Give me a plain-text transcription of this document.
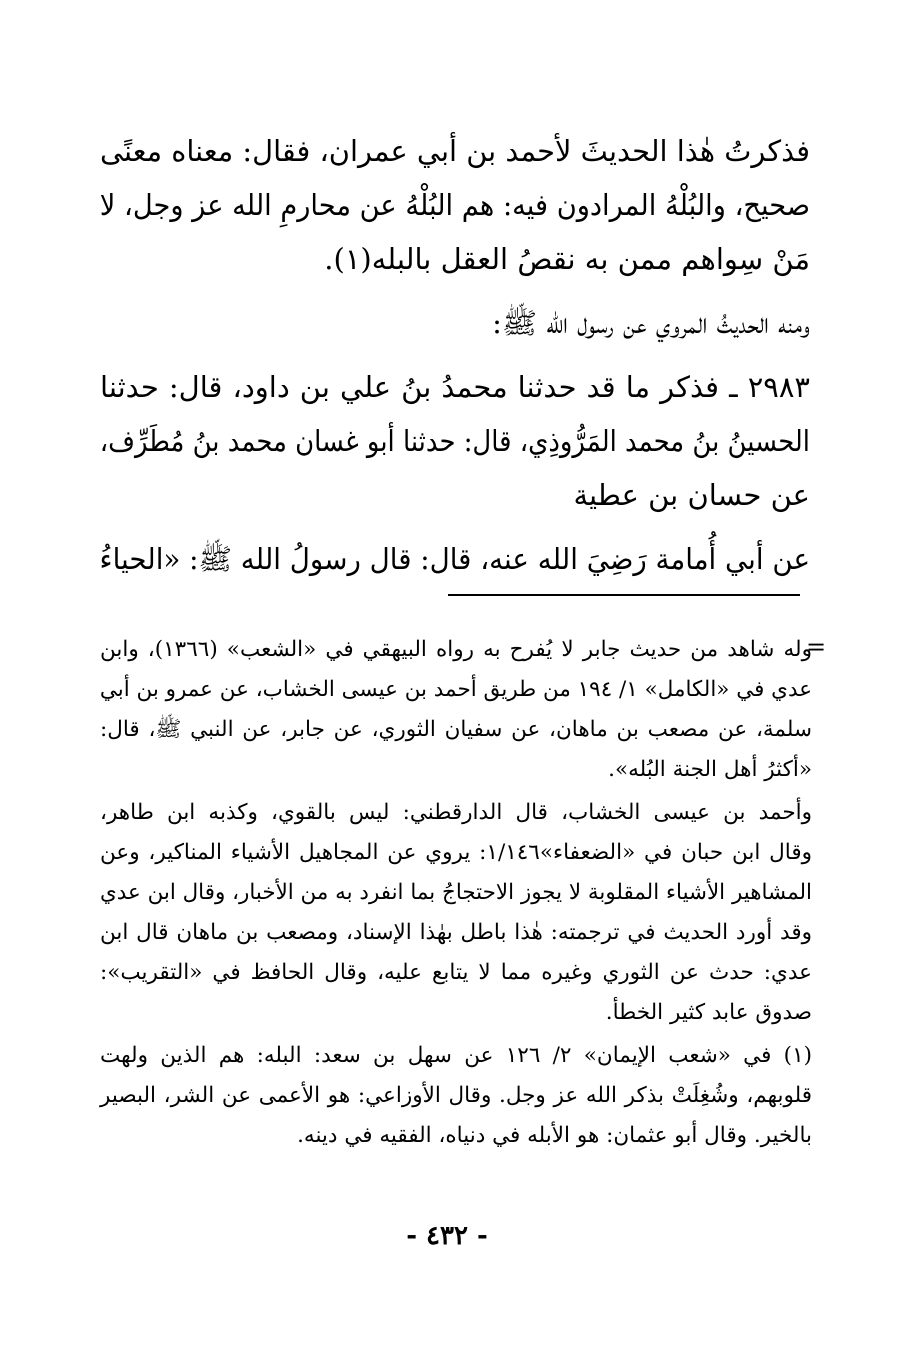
فذكرتُ هٰذا الحديثَ لأحمد بن أبي عمران، فقال: معناه معنًى
صحيح، والبُلْهُ المرادون فيه: هم البُلْهُ عن محارمِ الله عز وجل، لا
مَنْ سِواهم ممن به نقصُ العقل بالبله(١).
ومنه الحديثُ المروي عن رسول الله ﷺ:
٢٩٨٣ ـ فذكر ما قد حدثنا محمدُ بنُ علي بن داود، قال: حدثنا
الحسينُ بنُ محمد المَرُّوذِي، قال: حدثنا أبو غسان محمد بنُ مُطَرِّف،
عن حسان بن عطية
عن أبي أُمامة رَضِيَ الله عنه، قال: قال رسولُ الله ﷺ: «الحياءُ
=
وله شاهد من حديث جابر لا يُفرح به رواه البيهقي في «الشعب» (١٣٦٦)، وابن
عدي في «الكامل» ١/ ١٩٤ من طريق أحمد بن عيسى الخشاب، عن عمرو بن أبي
سلمة، عن مصعب بن ماهان، عن سفيان الثوري، عن جابر، عن النبي ﷺ، قال:
«أكثرُ أهل الجنة البُله».
وأحمد بن عيسى الخشاب، قال الدارقطني: ليس بالقوي، وكذبه ابن طاهر،
وقال ابن حبان في «الضعفاء»١/١٤٦: يروي عن المجاهيل الأشياء المناكير، وعن
المشاهير الأشياء المقلوبة لا يجوز الاحتجاجُ بما انفرد به من الأخبار، وقال ابن عدي
وقد أورد الحديث في ترجمته: هٰذا باطل بهٰذا الإسناد، ومصعب بن ماهان قال ابن
عدي: حدث عن الثوري وغيره مما لا يتابع عليه، وقال الحافظ في «التقريب»:
صدوق عابد كثير الخطأ.
(١) في «شعب الإيمان» ٢/ ١٢٦ عن سهل بن سعد: البله: هم الذين ولهت
قلوبهم، وشُغِلَتْ بذكر الله عز وجل. وقال الأوزاعي: هو الأعمى عن الشر، البصير
بالخير. وقال أبو عثمان: هو الأبله في دنياه، الفقيه في دينه.
- ٤٣٢ -
